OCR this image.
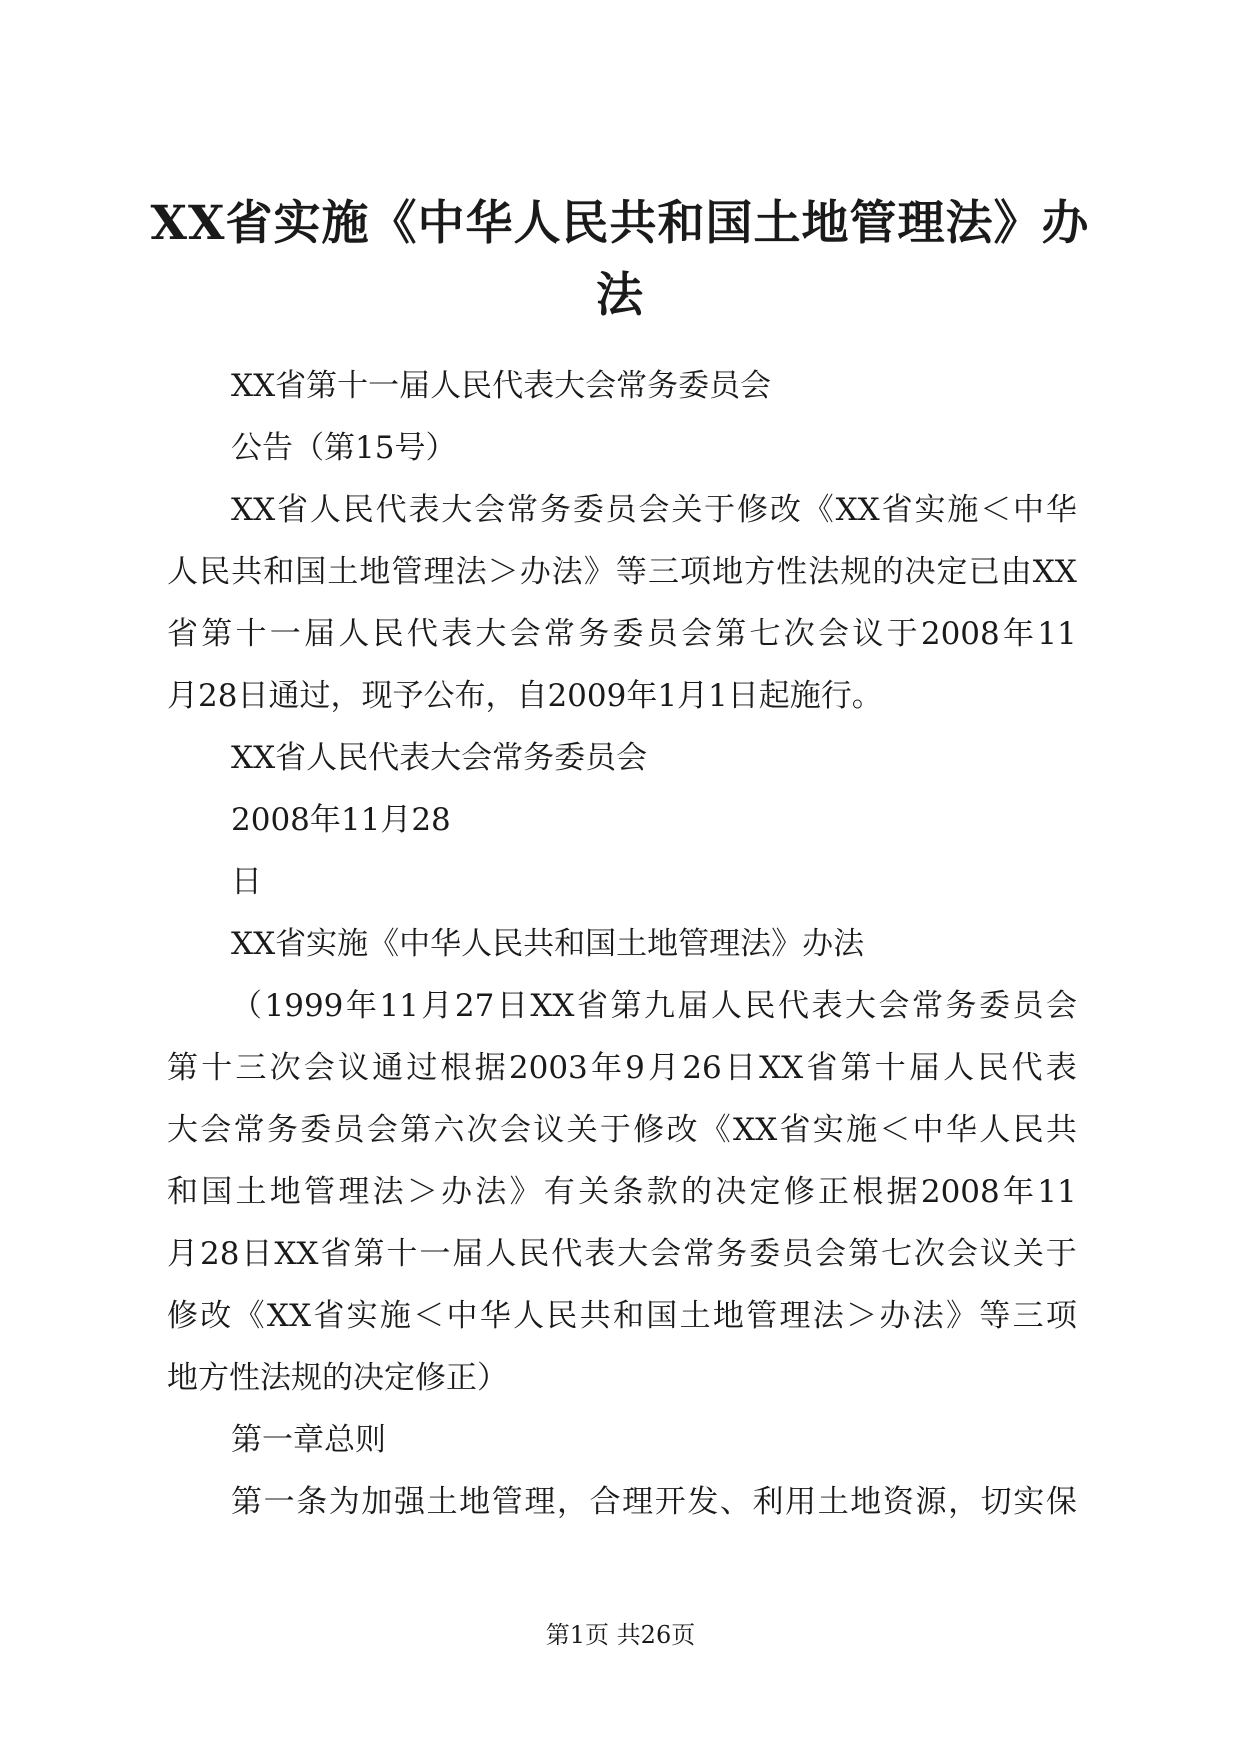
XX省实施《中华人民共和国土地管理法》办法
XX省第十一届人民代表大会常务委员会
公告（第15号）
XX 省 人 民 代 表 大 会 常 务 委 员 会 关 于 修 改 《 XX 省 实 施 ＜ 中 华
人 民 共 和 国 土 地 管 理 法 ＞ 办 法 》 等 三 项 地 方 性 法 规 的 决 定 已 由 XX
省 第 十 一 届 人 民 代 表 大 会 常 务 委 员 会 第 七 次 会 议 于 2008 年 11
月28日通过，现予公布，自2009年1月1日起施行。
XX省人民代表大会常务委员会
2008年11月28
日
XX省实施《中华人民共和国土地管理法》办法
（ 1999 年 11 月 27 日 XX 省 第 九 届 人 民 代 表 大 会 常 务 委 员 会
第 十 三 次 会 议 通 过 根 据 2003 年 9 月 26 日 XX 省 第 十 届 人 民 代 表
大 会 常 务 委 员 会 第 六 次 会 议 关 于 修 改 《 XX 省 实 施 ＜ 中 华 人 民 共
和 国 土 地 管 理 法 ＞ 办 法 》 有 关 条 款 的 决 定 修 正 根 据 2008 年 11
月 28 日 XX 省 第 十 一 届 人 民 代 表 大 会 常 务 委 员 会 第 七 次 会 议 关 于
修 改 《 XX 省 实 施 ＜ 中 华 人 民 共 和 国 土 地 管 理 法 ＞ 办 法 》 等 三 项
地方性法规的决定修正）
第一章总则
第 一 条 为 加 强 土 地 管 理 ， 合 理 开 发 、 利 用 土 地 资 源 ， 切 实 保
第1页 共26页
